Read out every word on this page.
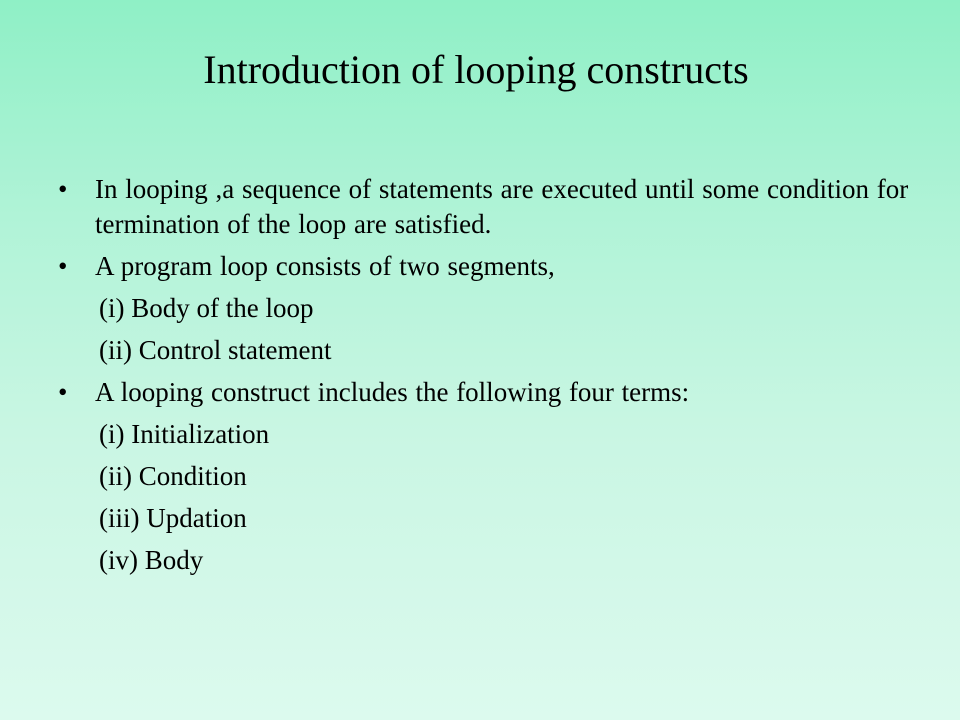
Introduction of looping constructs
• In looping ,a sequence of statements are executed until some condition for termination of the loop are satisfied.
• A program loop consists of two segments,
(i) Body of the loop
(ii) Control statement
• A looping construct includes the following four terms:
(i) Initialization
(ii) Condition
(iii) Updation
(iv) Body
